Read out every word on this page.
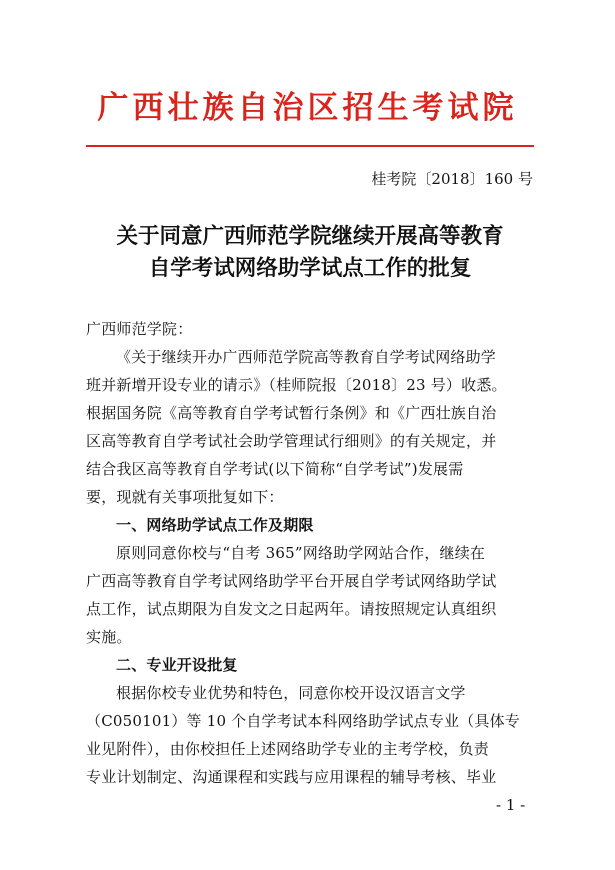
广西壮族自治区招生考试院
桂考院〔2018〕160 号
关于同意广西师范学院继续开展高等教育
自学考试网络助学试点工作的批复
广西师范学院：
《关于继续开办广西师范学院高等教育自学考试网络助学
班并新增开设专业的请示》（桂师院报〔2018〕23 号）收悉。
根据国务院《高等教育自学考试暂行条例》和《广西壮族自治
区高等教育自学考试社会助学管理试行细则》的有关规定，并
结合我区高等教育自学考试(以下简称“自学考试”)发展需
要，现就有关事项批复如下：
一、网络助学试点工作及期限
原则同意你校与“自考 365”网络助学网站合作，继续在
广西高等教育自学考试网络助学平台开展自学考试网络助学试
点工作，试点期限为自发文之日起两年。请按照规定认真组织
实施。
二、专业开设批复
根据你校专业优势和特色，同意你校开设汉语言文学
（C050101）等 10 个自学考试本科网络助学试点专业（具体专
业见附件），由你校担任上述网络助学专业的主考学校，负责
专业计划制定、沟通课程和实践与应用课程的辅导考核、毕业
- 1 -
